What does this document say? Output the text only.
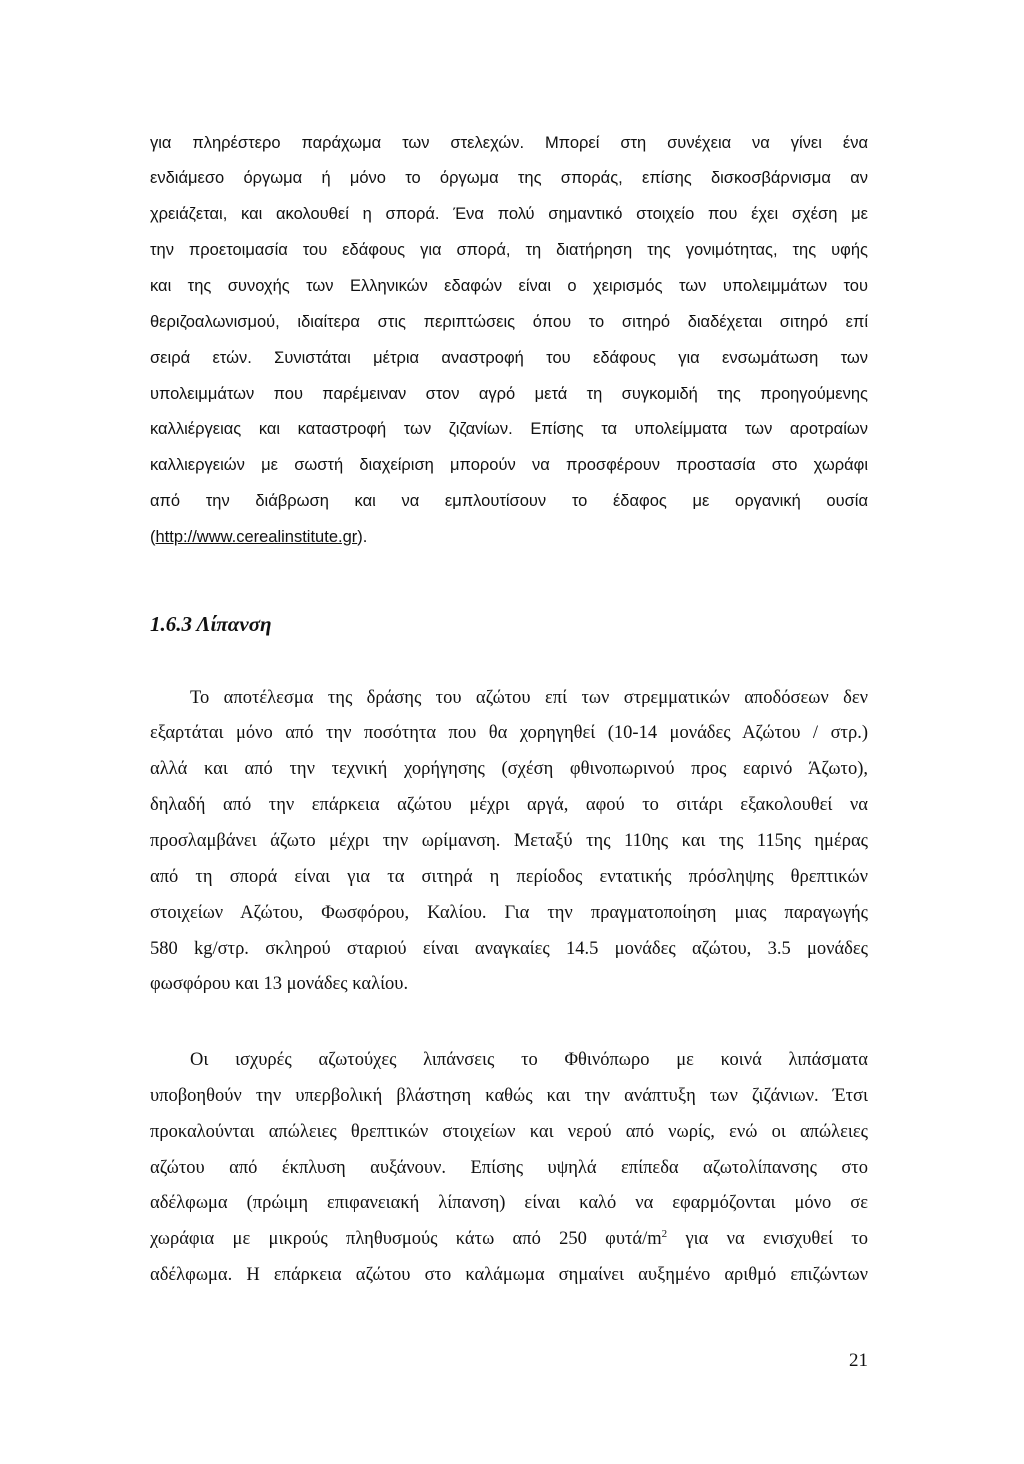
για πληρέστερο παράχωμα των στελεχών. Μπορεί στη συνέχεια να γίνει ένα
ενδιάμεσο όργωμα ή μόνο το όργωμα της σποράς, επίσης δισκοσβάρνισμα αν
χρειάζεται, και ακολουθεί η σπορά. Ένα πολύ σημαντικό στοιχείο που έχει σχέση με
την προετοιμασία του εδάφους για σπορά, τη διατήρηση της γονιμότητας, της υφής
και της συνοχής των Ελληνικών εδαφών είναι ο χειρισμός των υπολειμμάτων του
θεριζοαλωνισμού, ιδιαίτερα στις περιπτώσεις όπου το σιτηρό διαδέχεται σιτηρό επί
σειρά ετών. Συνιστάται μέτρια αναστροφή του εδάφους για ενσωμάτωση των
υπολειμμάτων που παρέμειναν στον αγρό μετά τη συγκομιδή της προηγούμενης
καλλιέργειας και καταστροφή των ζιζανίων. Επίσης τα υπολείμματα των αροτραίων
καλλιεργειών με σωστή διαχείριση μπορούν να προσφέρουν προστασία στο χωράφι
από την διάβρωση και να εμπλουτίσουν το έδαφος με οργανική ουσία
(http://www.cerealinstitute.gr).
1.6.3 Λίπανση
Το αποτέλεσμα της δράσης του αζώτου επί των στρεμματικών αποδόσεων δεν
εξαρτάται μόνο από την ποσότητα που θα χορηγηθεί (10-14 μονάδες Αζώτου / στρ.)
αλλά και από την τεχνική χορήγησης (σχέση φθινοπωρινού προς εαρινό Άζωτο),
δηλαδή από την επάρκεια αζώτου μέχρι αργά, αφού το σιτάρι εξακολουθεί να
προσλαμβάνει άζωτο μέχρι την ωρίμανση. Μεταξύ της 110ης και της 115ης ημέρας
από τη σπορά είναι για τα σιτηρά η περίοδος εντατικής πρόσληψης θρεπτικών
στοιχείων Αζώτου, Φωσφόρου, Καλίου. Για την πραγματοποίηση μιας παραγωγής
580 kg/στρ. σκληρού σταριού είναι αναγκαίες 14.5 μονάδες αζώτου, 3.5 μονάδες
φωσφόρου και 13 μονάδες καλίου.
Οι ισχυρές αζωτούχες λιπάνσεις το Φθινόπωρο με κοινά λιπάσματα
υποβοηθούν την υπερβολική βλάστηση καθώς και την ανάπτυξη των ζιζάνιων. Έτσι
προκαλούνται απώλειες θρεπτικών στοιχείων και νερού από νωρίς, ενώ οι απώλειες
αζώτου από έκπλυση αυξάνουν. Επίσης υψηλά επίπεδα αζωτολίπανσης στο
αδέλφωμα (πρώιμη επιφανειακή λίπανση) είναι καλό να εφαρμόζονται μόνο σε
χωράφια με μικρούς πληθυσμούς κάτω από 250 φυτά/$m^2$ για να ενισχυθεί το
αδέλφωμα. Η επάρκεια αζώτου στο καλάμωμα σημαίνει αυξημένο αριθμό επιζώντων
21
